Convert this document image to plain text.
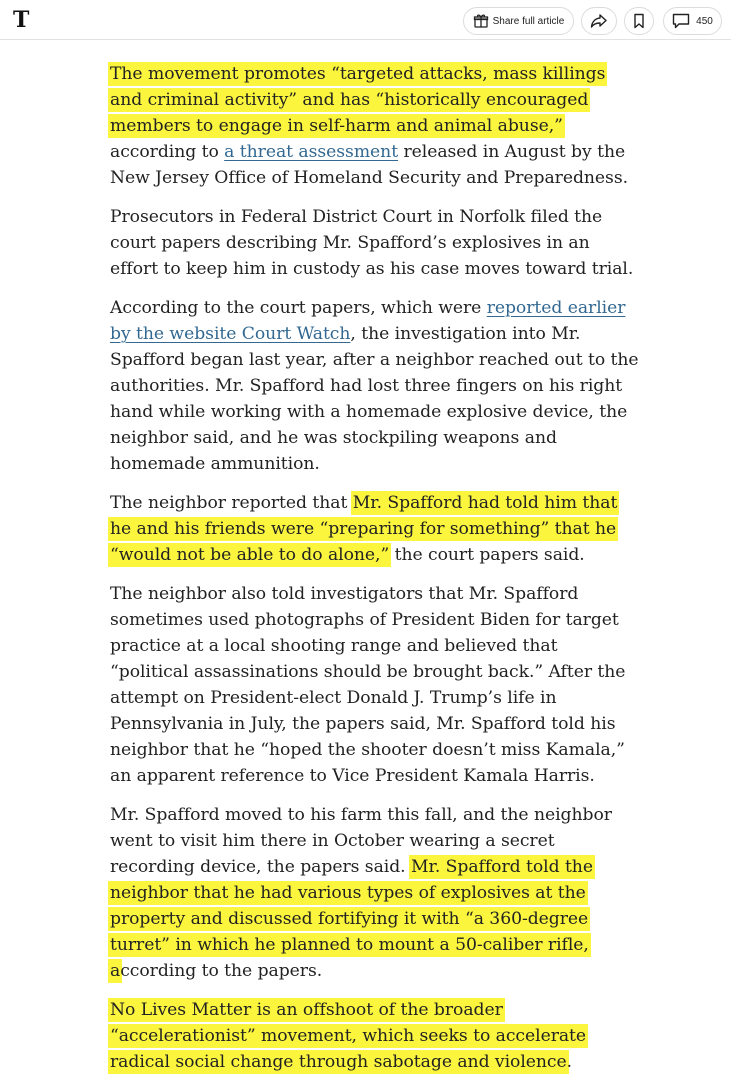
T	Share full article	450

The movement promotes “targeted attacks, mass killings and criminal activity” and has “historically encouraged members to engage in self-harm and animal abuse,” according to a threat assessment released in August by the New Jersey Office of Homeland Security and Preparedness.

Prosecutors in Federal District Court in Norfolk filed the court papers describing Mr. Spafford’s explosives in an effort to keep him in custody as his case moves toward trial.

According to the court papers, which were reported earlier by the website Court Watch, the investigation into Mr. Spafford began last year, after a neighbor reached out to the authorities. Mr. Spafford had lost three fingers on his right hand while working with a homemade explosive device, the neighbor said, and he was stockpiling weapons and homemade ammunition.

The neighbor reported that Mr. Spafford had told him that he and his friends were “preparing for something” that he “would not be able to do alone,” the court papers said.

The neighbor also told investigators that Mr. Spafford sometimes used photographs of President Biden for target practice at a local shooting range and believed that “political assassinations should be brought back.” After the attempt on President-elect Donald J. Trump’s life in Pennsylvania in July, the papers said, Mr. Spafford told his neighbor that he “hoped the shooter doesn’t miss Kamala,” an apparent reference to Vice President Kamala Harris.

Mr. Spafford moved to his farm this fall, and the neighbor went to visit him there in October wearing a secret recording device, the papers said. Mr. Spafford told the neighbor that he had various types of explosives at the property and discussed fortifying it with “a 360-degree turret” in which he planned to mount a 50-caliber rifle, according to the papers.

No Lives Matter is an offshoot of the broader “accelerationist” movement, which seeks to accelerate radical social change through sabotage and violence.
